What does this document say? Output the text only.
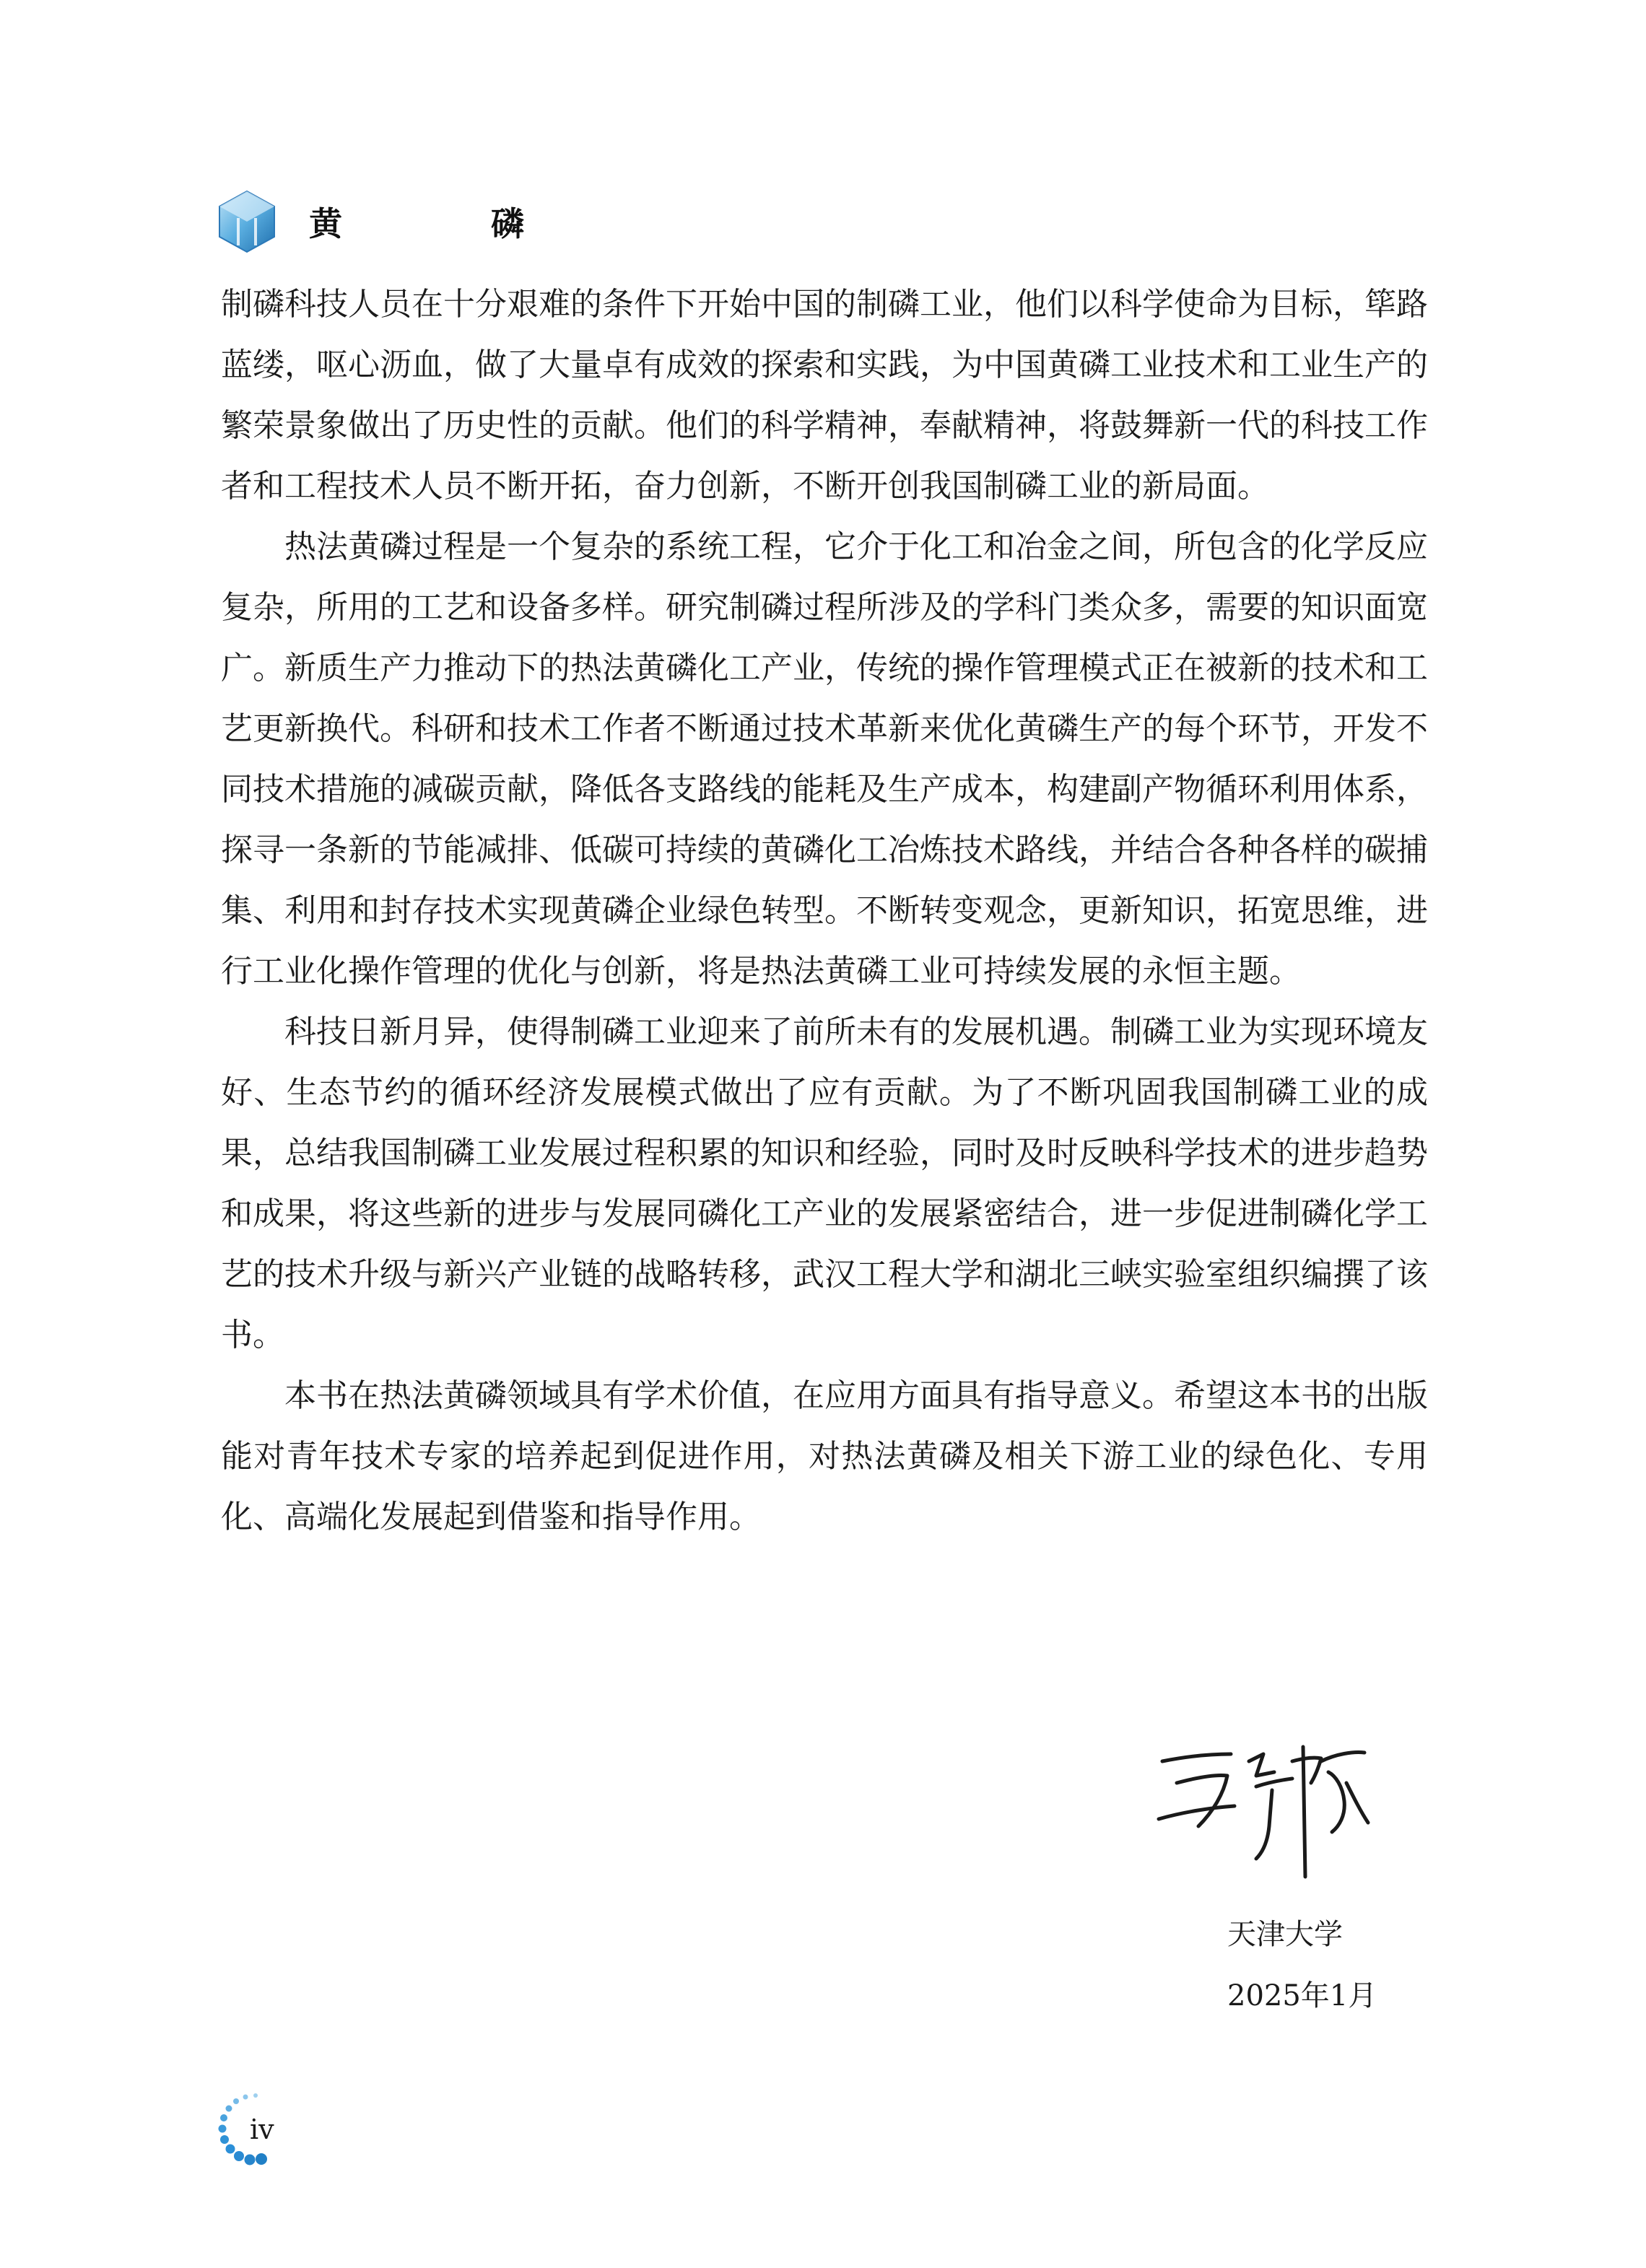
黄　磷

制磷科技人员在十分艰难的条件下开始中国的制磷工业，他们以科学使命为目标，筚路蓝缕，呕心沥血，做了大量卓有成效的探索和实践，为中国黄磷工业技术和工业生产的繁荣景象做出了历史性的贡献。他们的科学精神，奉献精神，将鼓舞新一代的科技工作者和工程技术人员不断开拓，奋力创新，不断开创我国制磷工业的新局面。

热法黄磷过程是一个复杂的系统工程，它介于化工和冶金之间，所包含的化学反应复杂，所用的工艺和设备多样。研究制磷过程所涉及的学科门类众多，需要的知识面宽广。新质生产力推动下的热法黄磷化工产业，传统的操作管理模式正在被新的技术和工艺更新换代。科研和技术工作者不断通过技术革新来优化黄磷生产的每个环节，开发不同技术措施的减碳贡献，降低各支路线的能耗及生产成本，构建副产物循环利用体系，探寻一条新的节能减排、低碳可持续的黄磷化工冶炼技术路线，并结合各种各样的碳捕集、利用和封存技术实现黄磷企业绿色转型。不断转变观念，更新知识，拓宽思维，进行工业化操作管理的优化与创新，将是热法黄磷工业可持续发展的永恒主题。

科技日新月异，使得制磷工业迎来了前所未有的发展机遇。制磷工业为实现环境友好、生态节约的循环经济发展模式做出了应有贡献。为了不断巩固我国制磷工业的成果，总结我国制磷工业发展过程积累的知识和经验，同时及时反映科学技术的进步趋势和成果，将这些新的进步与发展同磷化工产业的发展紧密结合，进一步促进制磷化学工艺的技术升级与新兴产业链的战略转移，武汉工程大学和湖北三峡实验室组织编撰了该书。

本书在热法黄磷领域具有学术价值，在应用方面具有指导意义。希望这本书的出版能对青年技术专家的培养起到促进作用，对热法黄磷及相关下游工业的绿色化、专用化、高端化发展起到借鉴和指导作用。

天津大学
2025年1月
iv
